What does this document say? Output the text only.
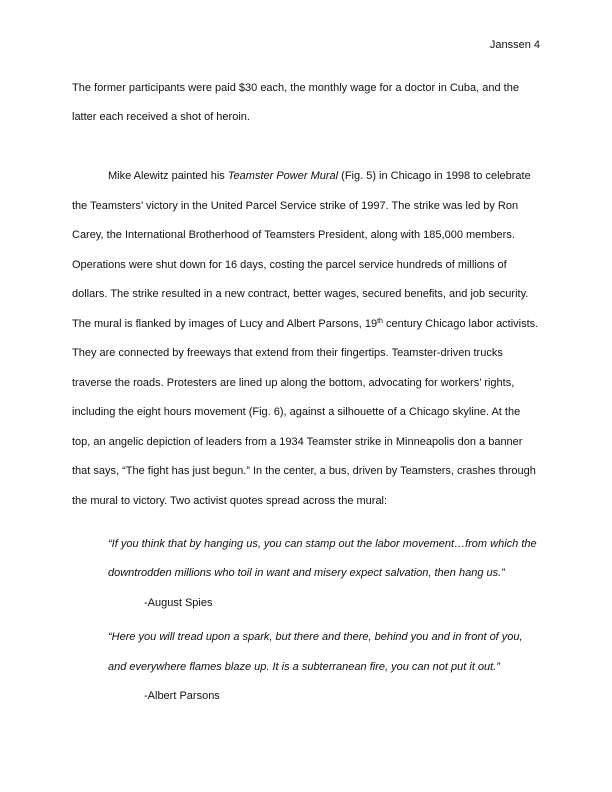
Janssen 4
The former participants were paid $30 each, the monthly wage for a doctor in Cuba, and the
latter each received a shot of heroin.
Mike Alewitz painted his Teamster Power Mural (Fig. 5) in Chicago in 1998 to celebrate
the Teamsters’ victory in the United Parcel Service strike of 1997. The strike was led by Ron
Carey, the International Brotherhood of Teamsters President, along with 185,000 members.
Operations were shut down for 16 days, costing the parcel service hundreds of millions of
dollars. The strike resulted in a new contract, better wages, secured benefits, and job security.
The mural is flanked by images of Lucy and Albert Parsons, 19th century Chicago labor activists.
They are connected by freeways that extend from their fingertips. Teamster-driven trucks
traverse the roads. Protesters are lined up along the bottom, advocating for workers’ rights,
including the eight hours movement (Fig. 6), against a silhouette of a Chicago skyline. At the
top, an angelic depiction of leaders from a 1934 Teamster strike in Minneapolis don a banner
that says, “The fight has just begun.” In the center, a bus, driven by Teamsters, crashes through
the mural to victory. Two activist quotes spread across the mural:
“If you think that by hanging us, you can stamp out the labor movement…from which the
downtrodden millions who toil in want and misery expect salvation, then hang us.”
-August Spies
“Here you will tread upon a spark, but there and there, behind you and in front of you,
and everywhere flames blaze up. It is a subterranean fire, you can not put it out.”
-Albert Parsons
